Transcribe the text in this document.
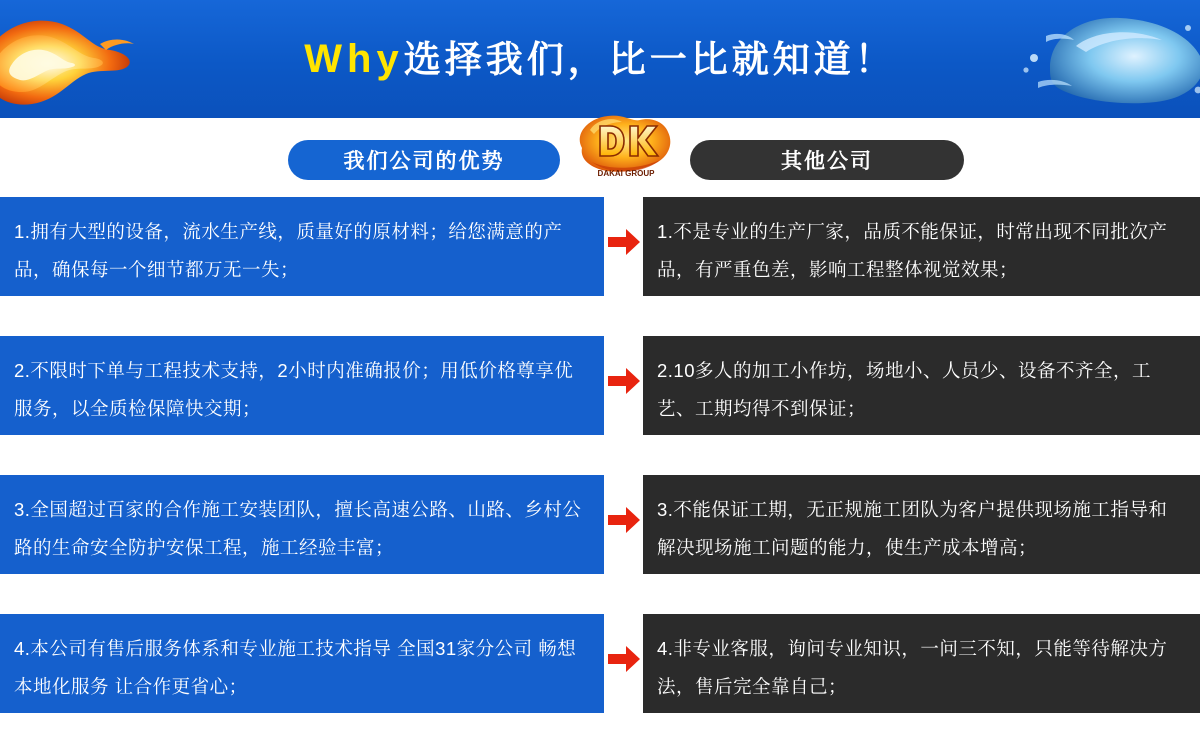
Why 选择我们，比一比就知道！
我们公司的优势	其他公司
DAKAI GROUP
1.拥有大型的设备，流水生产线，质量好的原材料；给您满意的产品，确保每一个细节都万无一失；
1.不是专业的生产厂家，品质不能保证，时常出现不同批次产品，有严重色差，影响工程整体视觉效果；
2.不限时下单与工程技术支持，2小时内准确报价；用低价格尊享优服务，以全质检保障快交期；
2.10多人的加工小作坊，场地小、人员少、设备不齐全，工艺、工期均得不到保证；
3.全国超过百家的合作施工安装团队，擅长高速公路、山路、乡村公路的生命安全防护安保工程，施工经验丰富；
3.不能保证工期，无正规施工团队为客户提供现场施工指导和解决现场施工问题的能力，使生产成本增高；
4.本公司有售后服务体系和专业施工技术指导 全国31家分公司 畅想本地化服务 让合作更省心；
4.非专业客服，询问专业知识，一问三不知，只能等待解决方法，售后完全靠自己；
